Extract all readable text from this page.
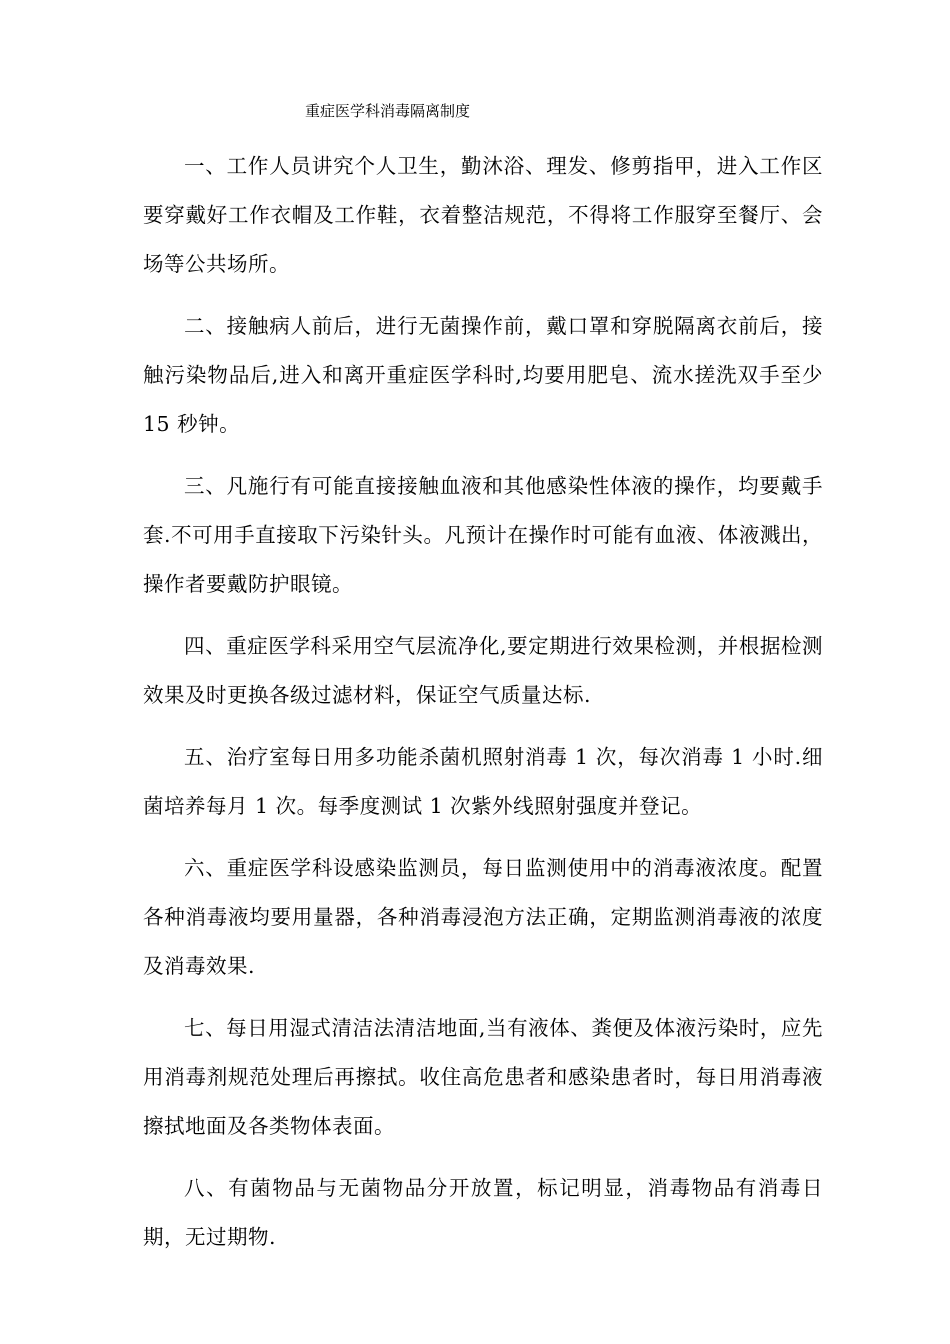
重症医学科消毒隔离制度

一、工作人员讲究个人卫生，勤沐浴、理发、修剪指甲，进入工作区要穿戴好工作衣帽及工作鞋，衣着整洁规范，不得将工作服穿至餐厅、会场等公共场所。

二、接触病人前后，进行无菌操作前，戴口罩和穿脱隔离衣前后，接触污染物品后,进入和离开重症医学科时,均要用肥皂、流水搓洗双手至少 15 秒钟。

三、凡施行有可能直接接触血液和其他感染性体液的操作，均要戴手套.不可用手直接取下污染针头。凡预计在操作时可能有血液、体液溅出，操作者要戴防护眼镜。

四、重症医学科采用空气层流净化,要定期进行效果检测，并根据检测效果及时更换各级过滤材料，保证空气质量达标.

五、治疗室每日用多功能杀菌机照射消毒 1 次，每次消毒 1 小时.细菌培养每月 1 次。每季度测试 1 次紫外线照射强度并登记。

六、重症医学科设感染监测员，每日监测使用中的消毒液浓度。配置各种消毒液均要用量器，各种消毒浸泡方法正确，定期监测消毒液的浓度及消毒效果.

七、每日用湿式清洁法清洁地面,当有液体、粪便及体液污染时，应先用消毒剂规范处理后再擦拭。收住高危患者和感染患者时，每日用消毒液擦拭地面及各类物体表面。

八、有菌物品与无菌物品分开放置，标记明显，消毒物品有消毒日期，无过期物.
